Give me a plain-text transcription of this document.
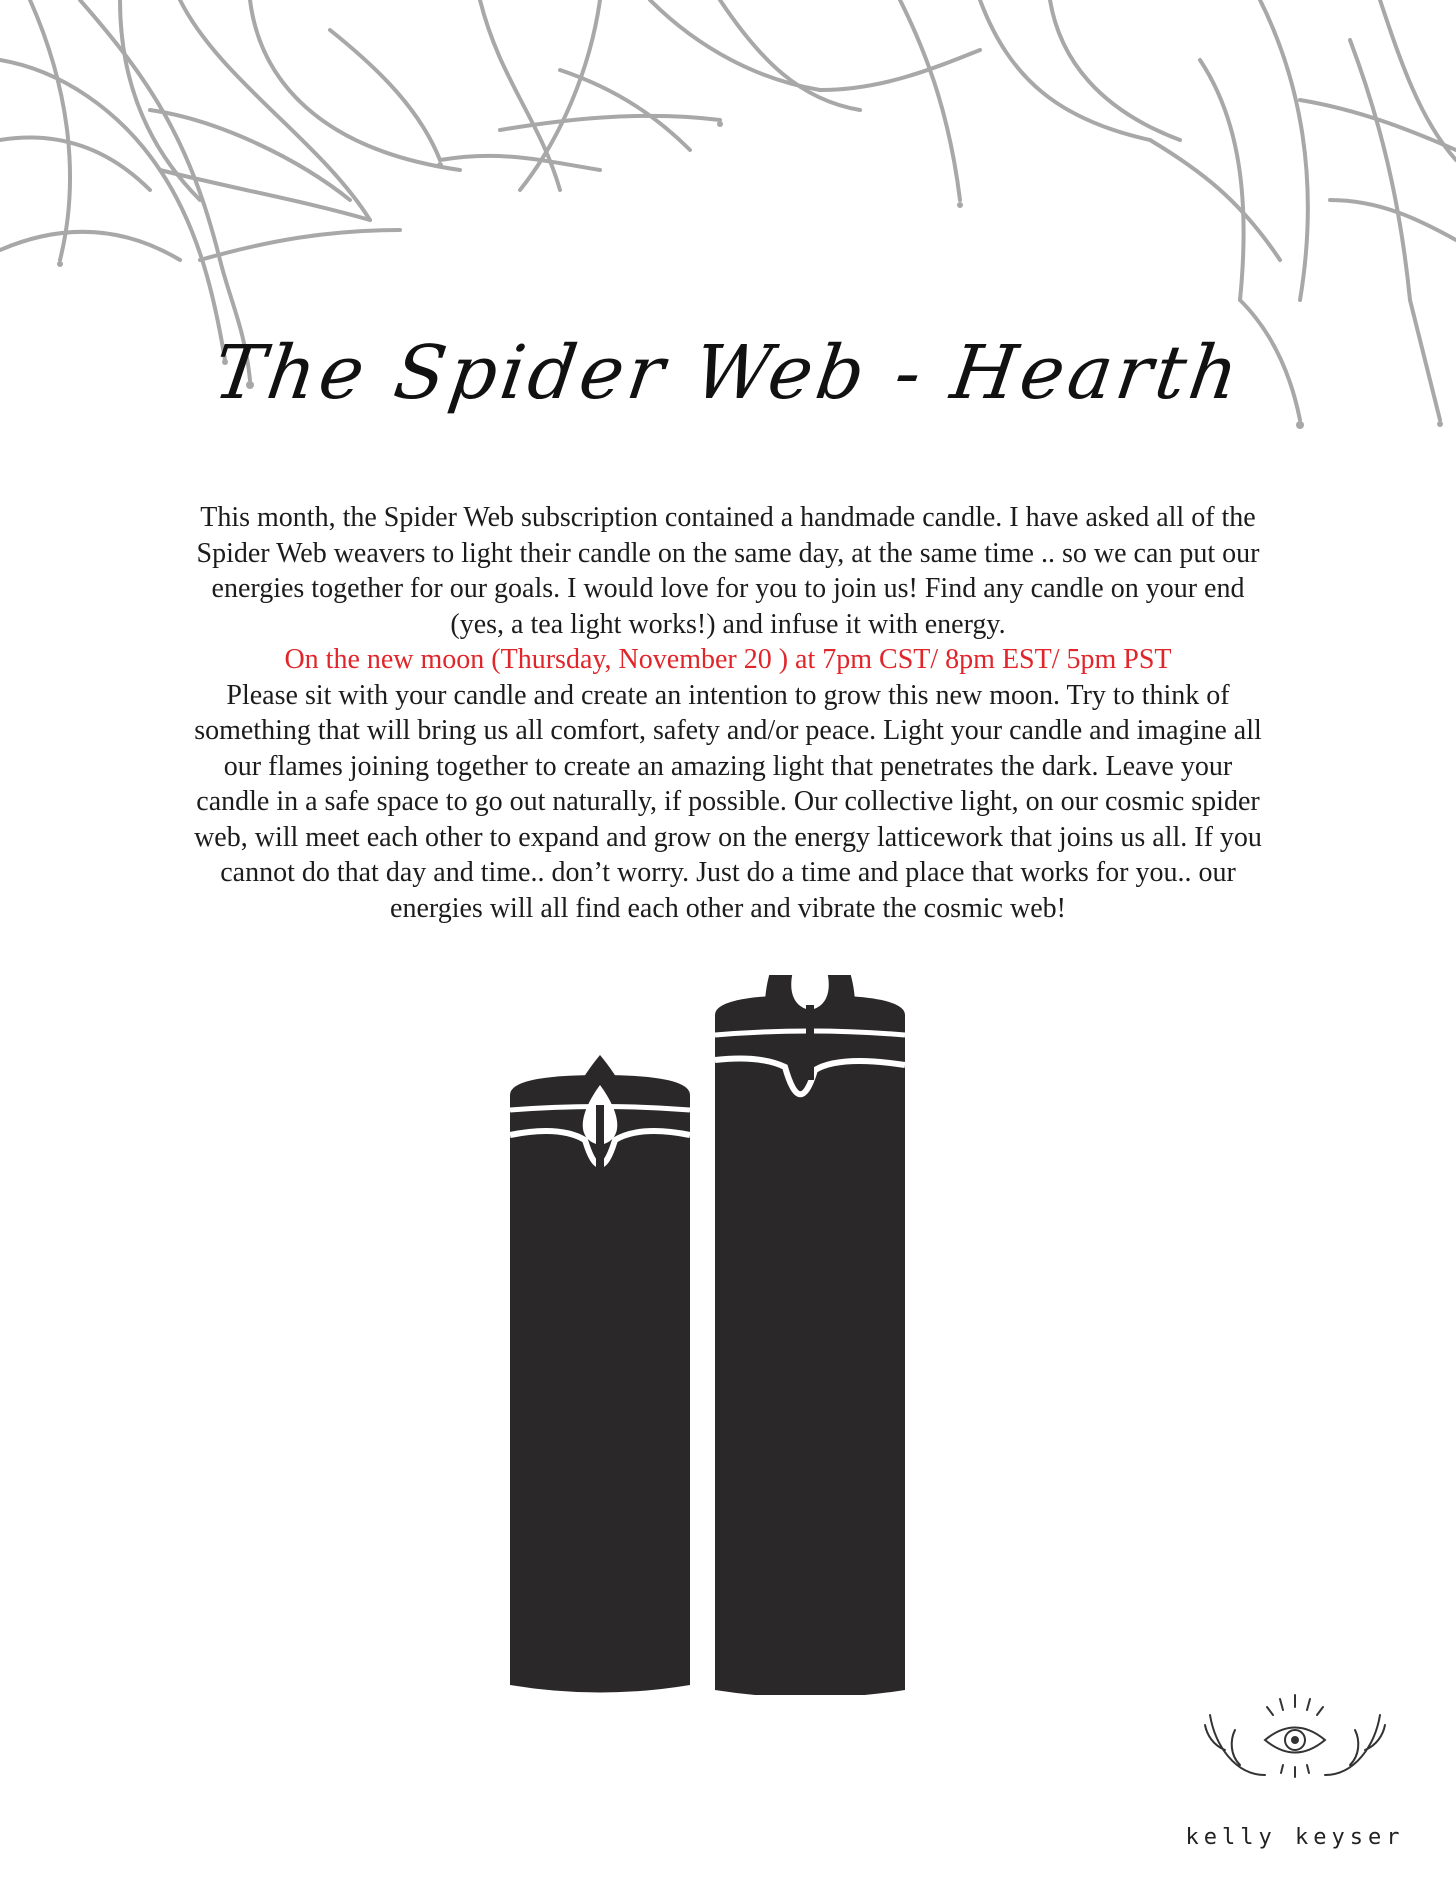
The Spider Web - Hearth

This month, the Spider Web subscription contained a handmade candle. I have asked all of the

Spider Web weavers to light their candle on the same day, at the same time .. so we can put our

energies together for our goals. I would love for you to join us! Find any candle on your end

(yes, a tea light works!) and infuse it with energy.

On the new moon (Thursday, November 20 ) at 7pm CST/ 8pm EST/ 5pm PST

Please sit with your candle and create an intention to grow this new moon. Try to think of

something that will bring us all comfort, safety and/or peace. Light your candle and imagine all

our flames joining together to create an amazing light that penetrates the dark. Leave your

candle in a safe space to go out naturally, if possible. Our collective light, on our cosmic spider

web, will meet each other to expand and grow on the energy latticework that joins us all. If you

cannot do that day and time.. don’t worry. Just do a time and place that works for you.. our

energies will all find each other and vibrate the cosmic web!

kelly keyser
